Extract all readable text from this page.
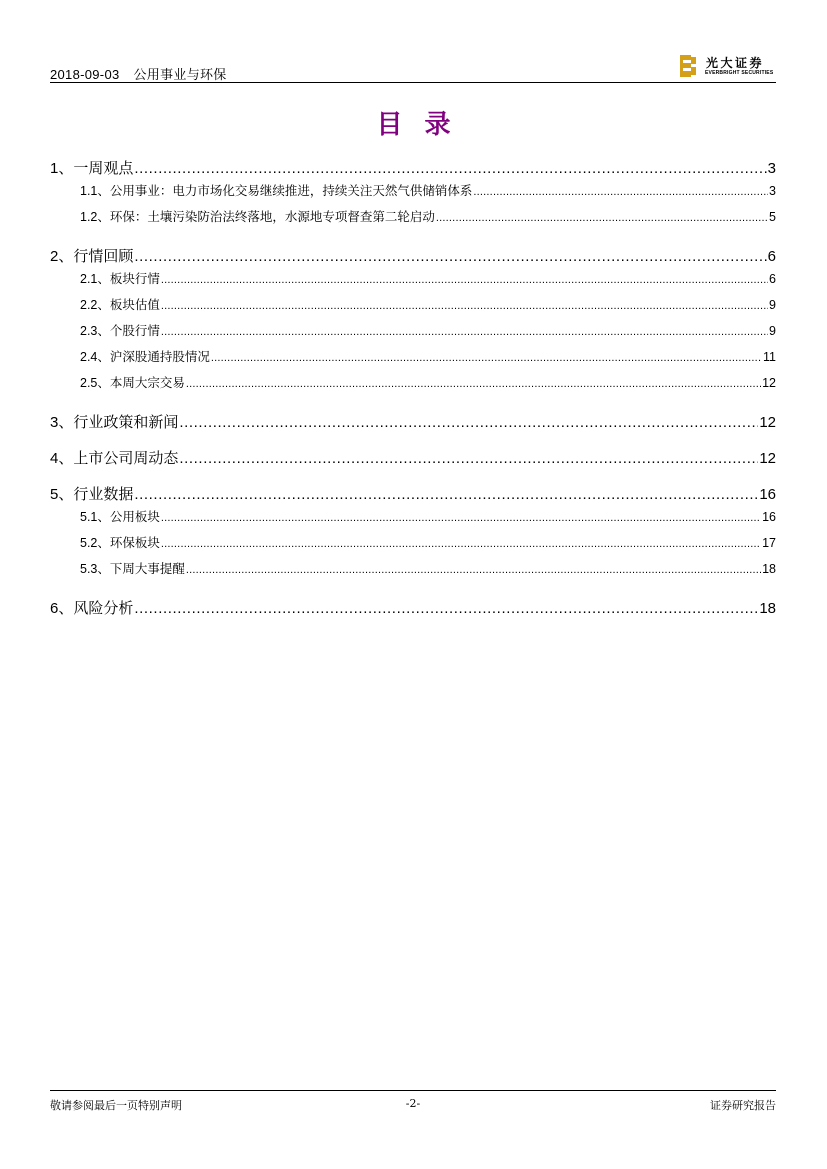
2018-09-03 公用事业与环保
光大证券
EVERBRIGHT SECURITIES
目录
1、 一周观点 .....	3
1.1、 公用事业：电力市场化交易继续推进，持续关注天然气供储销体系 .....	3
1.2、 环保：土壤污染防治法终落地，水源地专项督查第二轮启动 .....	5
2、 行情回顾 .....	6
2.1、 板块行情 .....	6
2.2、 板块估值 .....	9
2.3、 个股行情 .....	9
2.4、 沪深股通持股情况 .....	11
2.5、 本周大宗交易 .....	12
3、 行业政策和新闻 .....	12
4、 上市公司周动态 .....	12
5、 行业数据 .....	16
5.1、 公用板块 .....	16
5.2、 环保板块 .....	17
5.3、 下周大事提醒 .....	18
6、 风险分析 .....	18
敬请参阅最后一页特别声明	-2-	证券研究报告
